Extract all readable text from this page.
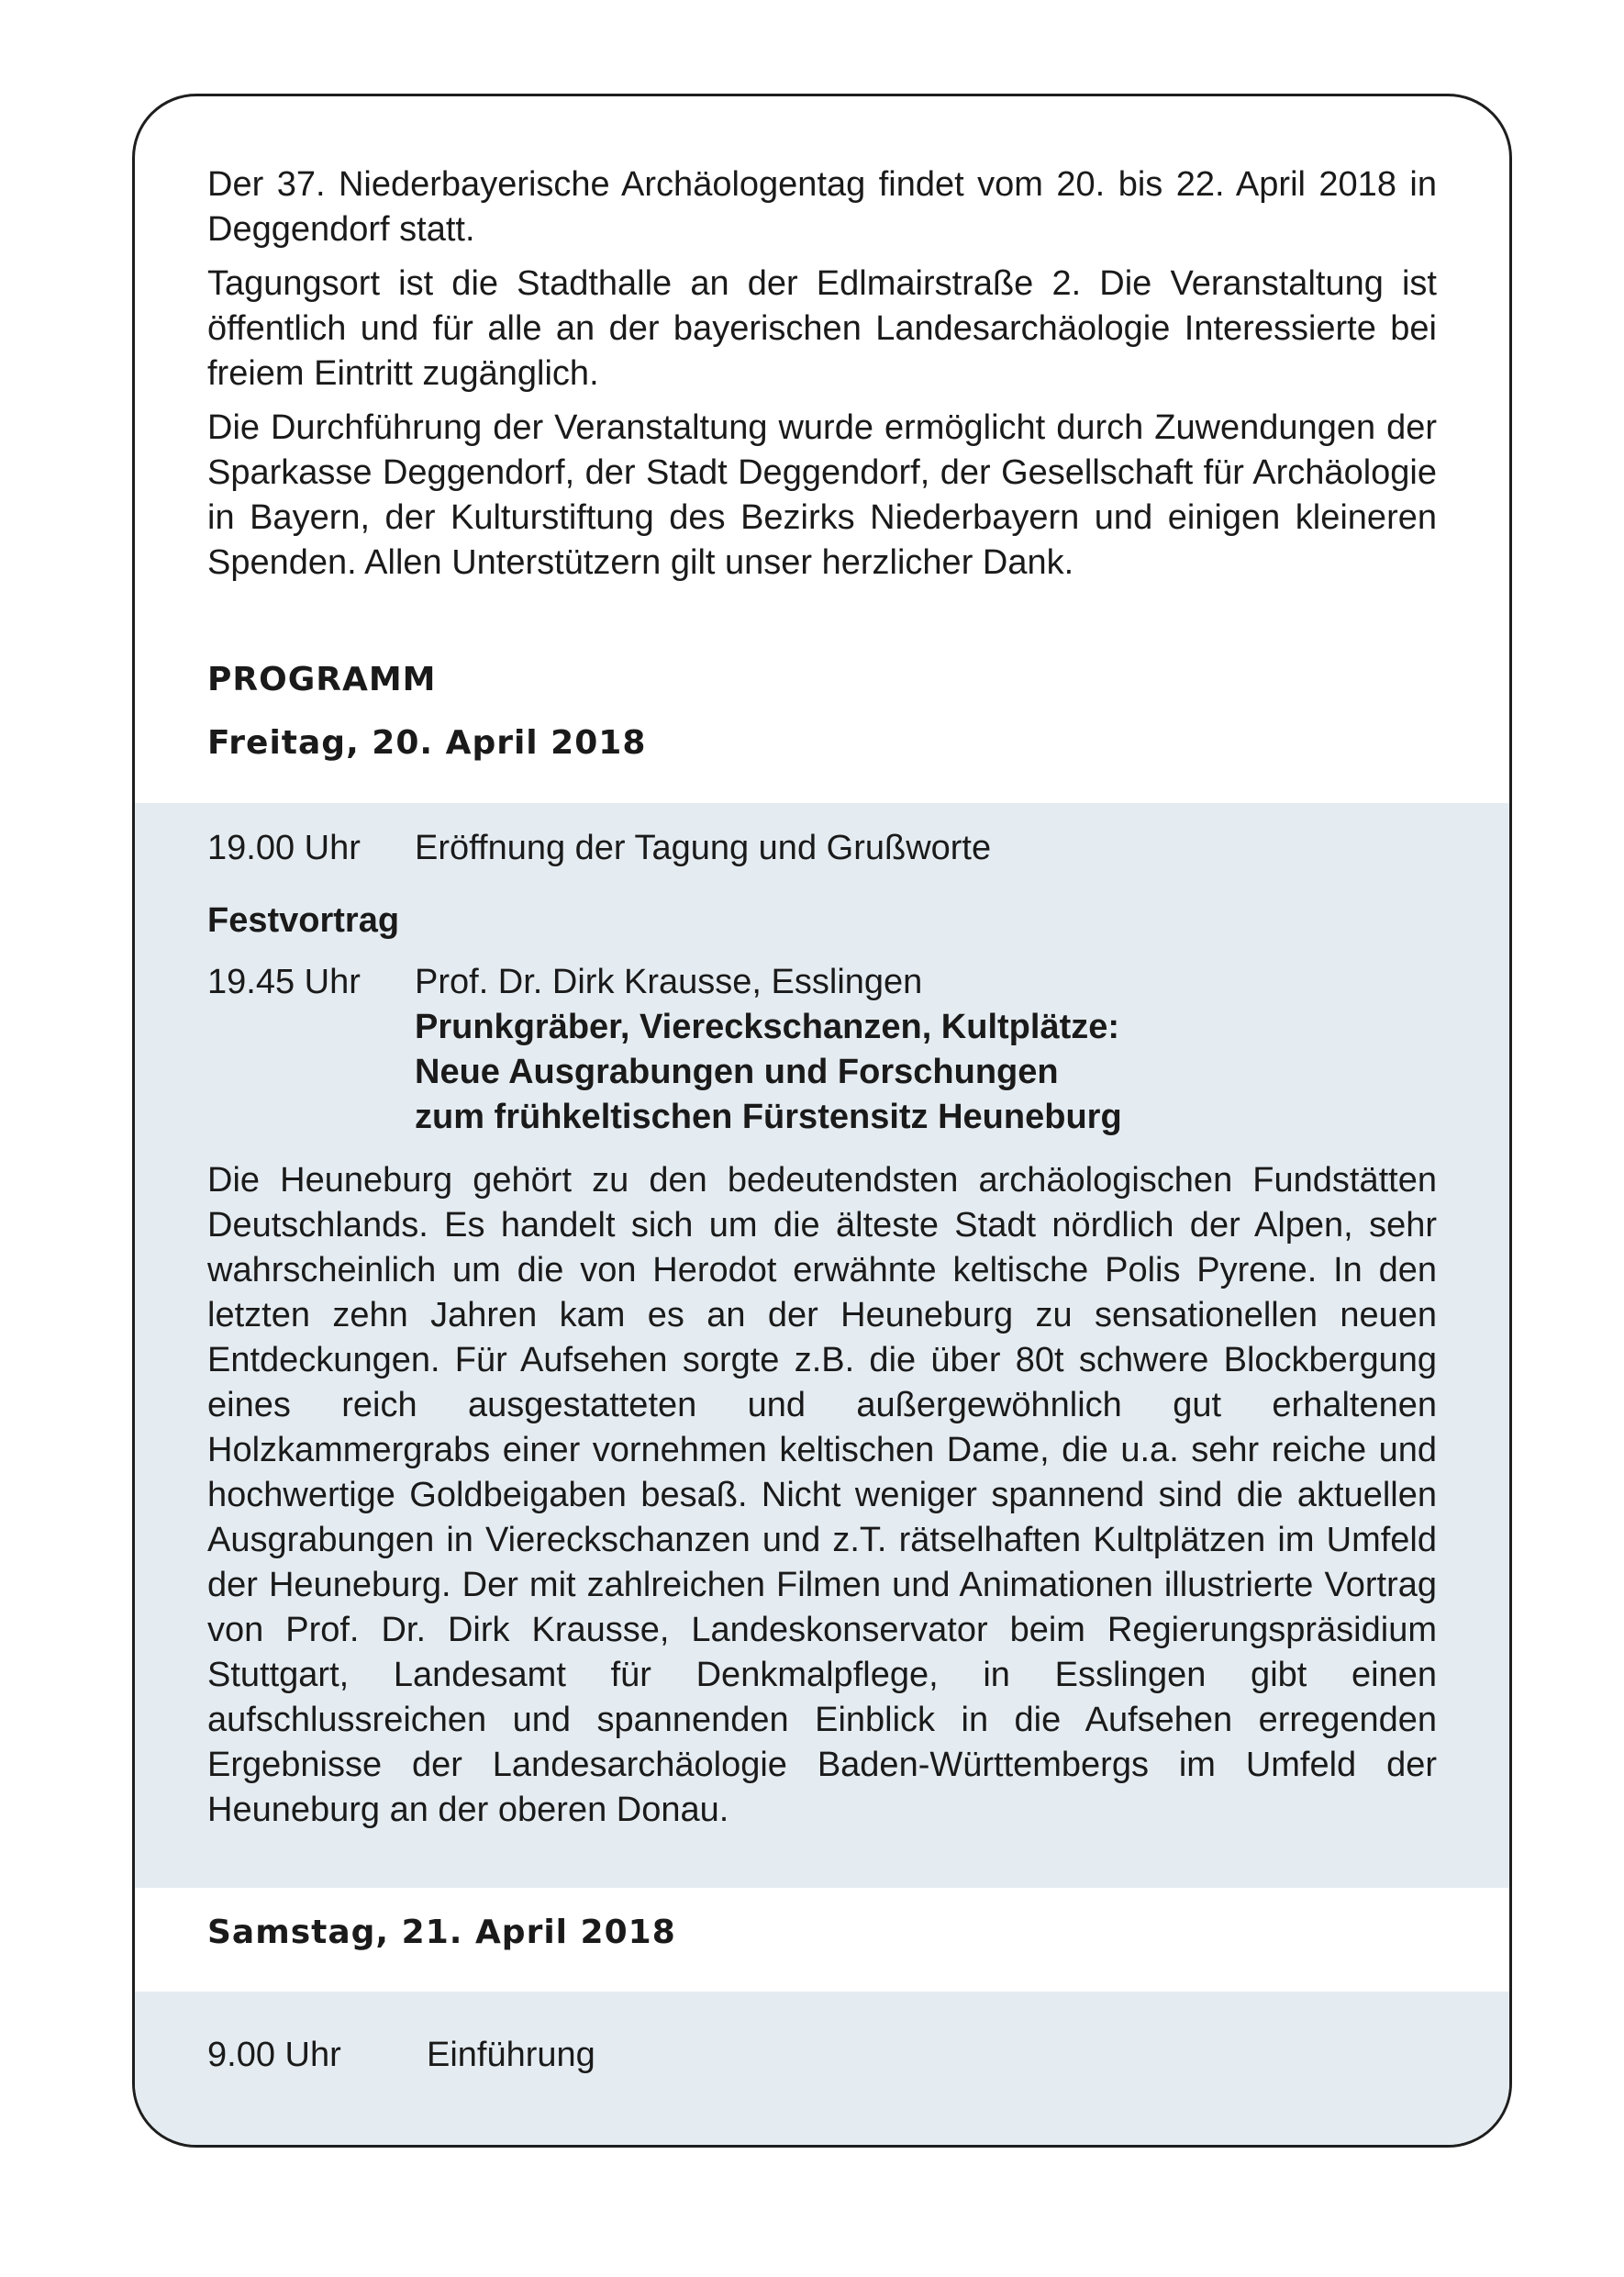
Der 37. Niederbayerische Archäologentag findet vom 20. bis 22. April 2018 in Deggendorf statt.

Tagungsort ist die Stadthalle an der Edlmairstraße 2. Die Veranstaltung ist öffentlich und für alle an der bayerischen Landesarchäologie Interessierte bei freiem Eintritt zugänglich.

Die Durchführung der Veranstaltung wurde ermöglicht durch Zuwendungen der Sparkasse Deggendorf, der Stadt Deggendorf, der Gesellschaft für Archäologie in Bayern, der Kulturstiftung des Bezirks Niederbayern und einigen kleineren Spenden. Allen Unterstützern gilt unser herzlicher Dank.

PROGRAMM
Freitag, 20. April 2018
19.00 Uhr Eröffnung der Tagung und Grußworte
Festvortrag
19.45 Uhr Prof. Dr. Dirk Krausse, Esslingen
Prunkgräber, Viereckschanzen, Kultplätze:
Neue Ausgrabungen und Forschungen
zum frühkeltischen Fürstensitz Heuneburg

Die Heuneburg gehört zu den bedeutendsten archäologischen Fundstätten Deutschlands. Es handelt sich um die älteste Stadt nördlich der Alpen, sehr wahrscheinlich um die von Herodot erwähnte keltische Polis Pyrene. In den letzten zehn Jahren kam es an der Heuneburg zu sensationellen neuen Entdeckungen. Für Aufsehen sorgte z.B. die über 80t schwere Blockbergung eines reich ausgestatteten und außergewöhnlich gut erhaltenen Holzkammergrabs einer vornehmen keltischen Dame, die u.a. sehr reiche und hochwertige Goldbeigaben besaß. Nicht weniger spannend sind die aktuellen Ausgrabungen in Viereckschanzen und z.T. rätselhaften Kultplätzen im Umfeld der Heuneburg. Der mit zahlreichen Filmen und Animationen illustrierte Vortrag von Prof. Dr. Dirk Krausse, Landeskonservator beim Regierungspräsidium Stuttgart, Landesamt für Denkmalpflege, in Esslingen gibt einen aufschlussreichen und spannenden Einblick in die Aufsehen erregenden Ergebnisse der Landesarchäologie Baden-Württembergs im Umfeld der Heuneburg an der oberen Donau.

Samstag, 21. April 2018
9.00 Uhr Einführung
